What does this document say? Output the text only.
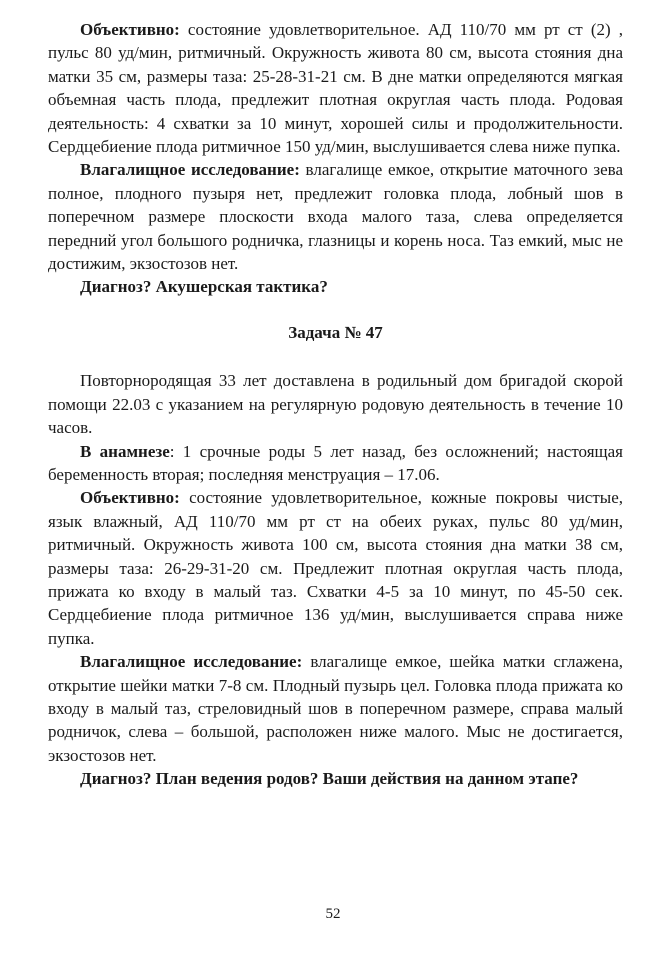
Объективно: состояние удовлетворительное. АД 110/70 мм рт ст (2) , пульс 80 уд/мин, ритмичный. Окружность живота 80 см, высота стояния дна матки 35 см, размеры таза: 25-28-31-21 см. В дне матки определяются мягкая объемная часть плода, предлежит плотная округлая часть плода. Родовая деятельность: 4 схватки за 10 минут, хорошей силы и продолжительности. Сердцебиение плода ритмичное 150 уд/мин, выслушивается слева ниже пупка.

Влагалищное исследование: влагалище емкое, открытие маточного зева полное, плодного пузыря нет, предлежит головка плода, лобный шов в поперечном размере плоскости входа малого таза, слева определяется передний угол большого родничка, глазницы и корень носа. Таз емкий, мыс не достижим, экзостозов нет.

Диагноз? Акушерская тактика?

Задача № 47

Повторнородящая 33 лет доставлена в родильный дом бригадой скорой помощи 22.03 с указанием на регулярную родовую деятельность в течение 10 часов.

В анамнезе: 1 срочные роды 5 лет назад, без осложнений; настоящая беременность вторая; последняя менструация – 17.06.

Объективно: состояние удовлетворительное, кожные покровы чистые, язык влажный, АД 110/70 мм рт ст на обеих руках, пульс 80 уд/мин, ритмичный. Окружность живота 100 см, высота стояния дна матки 38 см, размеры таза: 26-29-31-20 см. Предлежит плотная округлая часть плода, прижата ко входу в малый таз. Схватки 4-5 за 10 минут, по 45-50 сек. Сердцебиение плода ритмичное 136 уд/мин, выслушивается справа ниже пупка.

Влагалищное исследование: влагалище емкое, шейка матки сглажена, открытие шейки матки 7-8 см. Плодный пузырь цел. Головка плода прижата ко входу в малый таз, стреловидный шов в поперечном размере, справа малый родничок, слева – большой, расположен ниже малого. Мыс не достигается, экзостозов нет.

Диагноз? План ведения родов? Ваши действия на данном этапе?

52
